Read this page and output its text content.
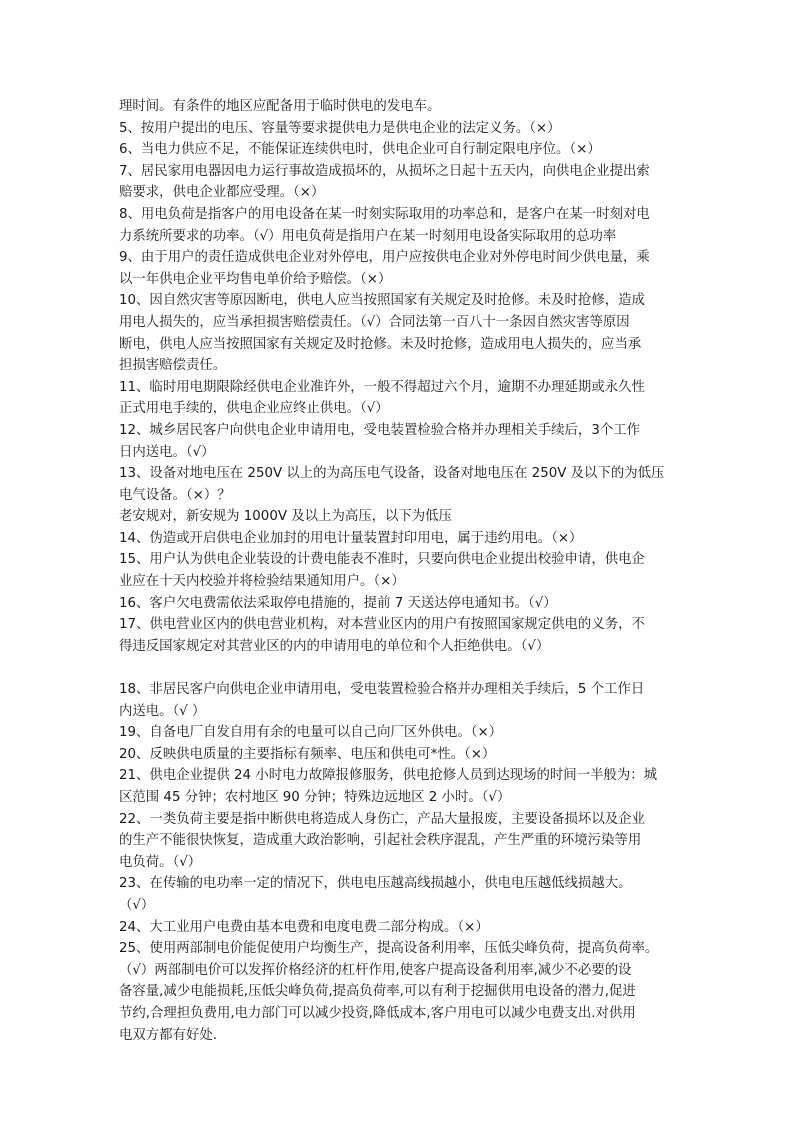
理时间。有条件的地区应配备用于临时供电的发电车。
5、按用户提出的电压、容量等要求提供电力是供电企业的法定义务。（×）
6、当电力供应不足，不能保证连续供电时，供电企业可自行制定限电序位。（×）
7、居民家用电器因电力运行事故造成损坏的，从损坏之日起十五天内，向供电企业提出索
赔要求，供电企业都应受理。（×）
8、用电负荷是指客户的用电设备在某一时刻实际取用的功率总和，是客户在某一时刻对电
力系统所要求的功率。（√）用电负荷是指用户在某一时刻用电设备实际取用的总功率
9、由于用户的责任造成供电企业对外停电，用户应按供电企业对外停电时间少供电量，乘
以一年供电企业平均售电单价给予赔偿。（×）
10、因自然灾害等原因断电，供电人应当按照国家有关规定及时抢修。未及时抢修，造成
用电人损失的，应当承担损害赔偿责任。（√）合同法第一百八十一条因自然灾害等原因
断电，供电人应当按照国家有关规定及时抢修。未及时抢修，造成用电人损失的，应当承
担损害赔偿责任。
11、临时用电期限除经供电企业准许外，一般不得超过六个月，逾期不办理延期或永久性
正式用电手续的，供电企业应终止供电。（√）
12、城乡居民客户向供电企业申请用电，受电装置检验合格并办理相关手续后，3个工作
日内送电。（√）
13、设备对地电压在 250V 以上的为高压电气设备，设备对地电压在 250V 及以下的为低压
电气设备。（×）？
老安规对，新安规为 1000V 及以上为高压，以下为低压
14、伪造或开启供电企业加封的用电计量装置封印用电，属于违约用电。（×）
15、用户认为供电企业装设的计费电能表不准时，只要向供电企业提出校验申请，供电企
业应在十天内校验并将检验结果通知用户。（×）
16、客户欠电费需依法采取停电措施的，提前 7 天送达停电通知书。（√）
17、供电营业区内的供电营业机构，对本营业区内的用户有按照国家规定供电的义务，不
得违反国家规定对其营业区的内的申请用电的单位和个人拒绝供电。（√）
18、非居民客户向供电企业申请用电，受电装置检验合格并办理相关手续后，5 个工作日
内送电。（√ ）
19、自备电厂自发自用有余的电量可以自己向厂区外供电。（×）
20、反映供电质量的主要指标有频率、电压和供电可*性。（×）
21、供电企业提供 24 小时电力故障报修服务，供电抢修人员到达现场的时间一半般为：城
区范围 45 分钟；农村地区 90 分钟；特殊边远地区 2 小时。（√）
22、一类负荷主要是指中断供电将造成人身伤亡，产品大量报废，主要设备损坏以及企业
的生产不能很快恢复，造成重大政治影响，引起社会秩序混乱，产生严重的环境污染等用
电负荷。（√）
23、在传输的电功率一定的情况下，供电电压越高线损越小，供电电压越低线损越大。
（√）
24、大工业用户电费由基本电费和电度电费二部分构成。（×）
25、使用两部制电价能促使用户均衡生产，提高设备利用率，压低尖峰负荷，提高负荷率。
（√）两部制电价可以发挥价格经济的杠杆作用,使客户提高设备利用率,减少不必要的设
备容量,减少电能损耗,压低尖峰负荷,提高负荷率,可以有利于挖掘供用电设备的潜力,促进
节约,合理担负费用,电力部门可以减少投资,降低成本,客户用电可以减少电费支出.对供用
电双方都有好处.
